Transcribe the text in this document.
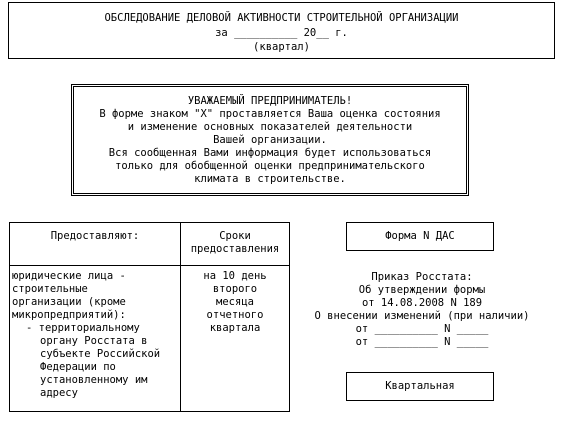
ОБСЛЕДОВАНИЕ ДЕЛОВОЙ АКТИВНОСТИ СТРОИТЕЛЬНОЙ ОРГАНИЗАЦИИ
за __________ 20__ г.
(квартал)
УВАЖАЕМЫЙ ПРЕДПРИНИМАТЕЛЬ!
В форме знаком "X" проставляется Ваша оценка состояния
и изменение основных показателей деятельности
Вашей организации.
Вся сообщенная Вами информация будет использоваться
только для обобщенной оценки предпринимательского
климата в строительстве.
Предоставляют:	Сроки
предоставления
юридические лица -
строительные
организации (кроме
микропредприятий):
- территориальному
органу Росстата в
субъекте Российской
Федерации по
установленному им
адресу
на 10 день
второго
месяца
отчетного
квартала
Форма N ДАС
Приказ Росстата:
Об утверждении формы
от 14.08.2008 N 189
О внесении изменений (при наличии)
от __________ N _____
от __________ N _____
Квартальная
